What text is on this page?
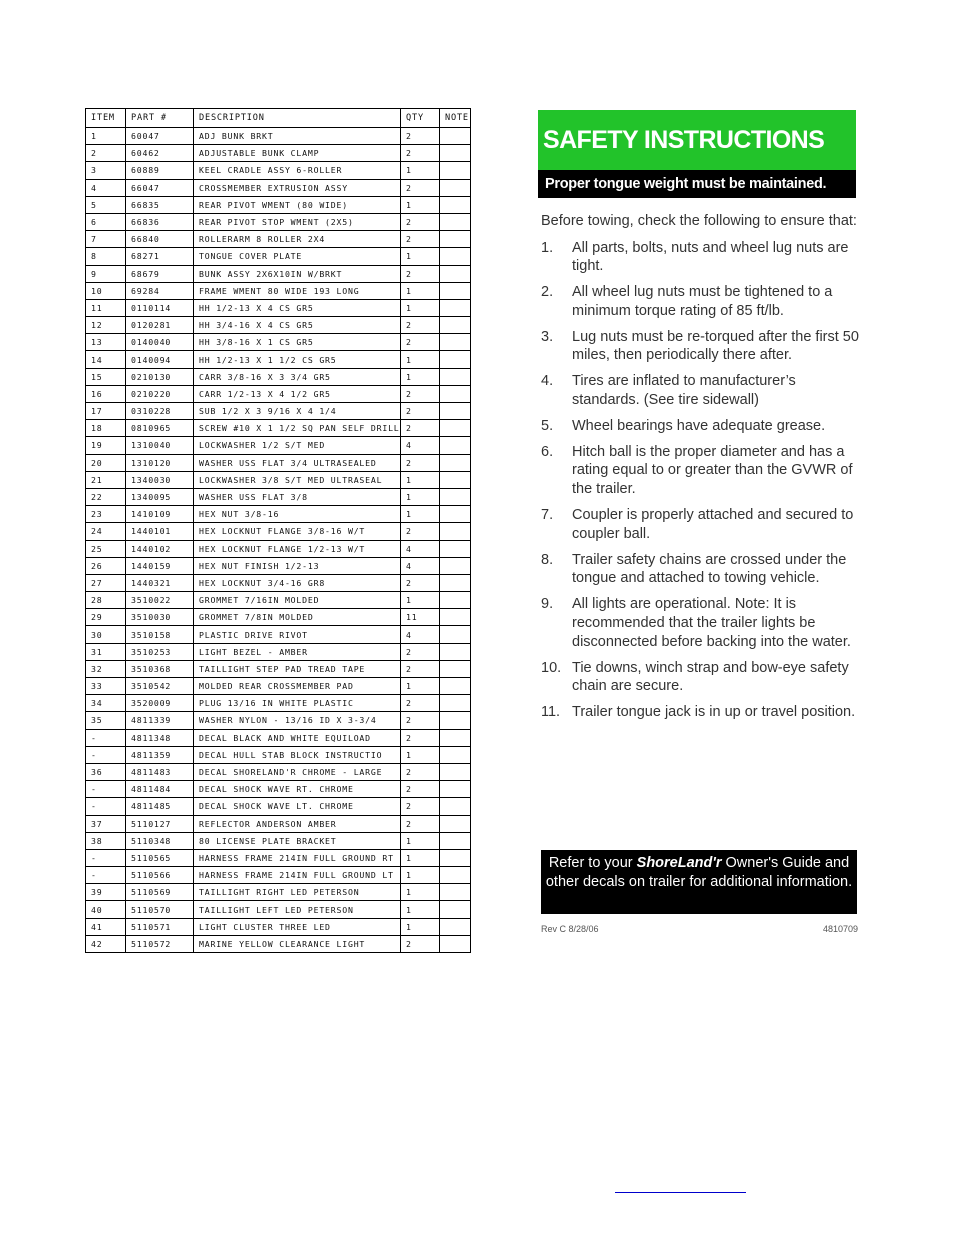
ITEM	PART #	DESCRIPTION	QTY	NOTE
1	60047	ADJ BUNK BRKT	2	
2	60462	ADJUSTABLE BUNK CLAMP	2	
3	60889	KEEL CRADLE ASSY 6-ROLLER	1	
4	66047	CROSSMEMBER EXTRUSION ASSY	2	
5	66835	REAR PIVOT WMENT (80 WIDE)	1	
6	66836	REAR PIVOT STOP WMENT (2X5)	2	
7	66840	ROLLERARM 8 ROLLER 2X4	2	
8	68271	TONGUE COVER PLATE	1	
9	68679	BUNK ASSY 2X6X10IN W/BRKT	2	
10	69284	FRAME WMENT 80 WIDE 193 LONG	1	
11	0110114	HH 1/2-13 X 4 CS GR5	1	
12	0120281	HH 3/4-16 X 4 CS GR5	2	
13	0140040	HH 3/8-16 X 1 CS GR5	2	
14	0140094	HH 1/2-13 X 1 1/2 CS GR5	1	
15	0210130	CARR 3/8-16 X 3 3/4 GR5	1	
16	0210220	CARR 1/2-13 X 4 1/2 GR5	2	
17	0310228	SUB 1/2 X 3 9/16 X 4 1/4	2	
18	0810965	SCREW #10 X 1 1/2 SQ PAN SELF DRILL	2	
19	1310040	LOCKWASHER 1/2 S/T MED	4	
20	1310120	WASHER USS FLAT 3/4 ULTRASEALED	2	
21	1340030	LOCKWASHER 3/8 S/T MED ULTRASEAL	1	
22	1340095	WASHER USS FLAT 3/8	1	
23	1410109	HEX NUT 3/8-16	1	
24	1440101	HEX LOCKNUT FLANGE 3/8-16 W/T	2	
25	1440102	HEX LOCKNUT FLANGE 1/2-13 W/T	4	
26	1440159	HEX NUT FINISH 1/2-13	4	
27	1440321	HEX LOCKNUT 3/4-16 GR8	2	
28	3510022	GROMMET 7/16IN MOLDED	1	
29	3510030	GROMMET 7/8IN MOLDED	11	
30	3510158	PLASTIC DRIVE RIVOT	4	
31	3510253	LIGHT BEZEL - AMBER	2	
32	3510368	TAILLIGHT STEP PAD TREAD TAPE	2	
33	3510542	MOLDED REAR CROSSMEMBER PAD	1	
34	3520009	PLUG 13/16 IN WHITE PLASTIC	2	
35	4811339	WASHER NYLON - 13/16 ID X 3-3/4	2	
-	4811348	DECAL BLACK AND WHITE EQUILOAD	2	
-	4811359	DECAL HULL STAB BLOCK INSTRUCTIO	1	
36	4811483	DECAL SHORELAND'R CHROME - LARGE	2	
-	4811484	DECAL SHOCK WAVE RT. CHROME	2	
-	4811485	DECAL SHOCK WAVE LT. CHROME	2	
37	5110127	REFLECTOR ANDERSON AMBER	2	
38	5110348	80 LICENSE PLATE BRACKET	1	
-	5110565	HARNESS FRAME 214IN FULL GROUND RT	1	
-	5110566	HARNESS FRAME 214IN FULL GROUND LT	1	
39	5110569	TAILLIGHT RIGHT LED PETERSON	1	
40	5110570	TAILLIGHT LEFT LED PETERSON	1	
41	5110571	LIGHT CLUSTER THREE LED	1	
42	5110572	MARINE YELLOW CLEARANCE LIGHT	2	
SAFETY INSTRUCTIONS
Proper tongue weight must be maintained.
Before towing, check the following to ensure that:
1. All parts, bolts, nuts and wheel lug nuts are tight.
2. All wheel lug nuts must be tightened to a minimum torque rating of 85 ft/lb.
3. Lug nuts must be re-torqued after the first 50 miles, then periodically there after.
4. Tires are inflated to manufacturer’s standards. (See tire sidewall)
5. Wheel bearings have adequate grease.
6. Hitch ball is the proper diameter and has a rating equal to or greater than the GVWR of the trailer.
7. Coupler is properly attached and secured to coupler ball.
8. Trailer safety chains are crossed under the tongue and attached to towing vehicle.
9. All lights are operational. Note: It is recommended that the trailer lights be disconnected before backing into the water.
10. Tie downs, winch strap and bow-eye safety chain are secure.
11. Trailer tongue jack is in up or travel position.
Refer to your ShoreLand'r Owner's Guide and other decals on trailer for additional information.
Rev C 8/28/06	4810709
